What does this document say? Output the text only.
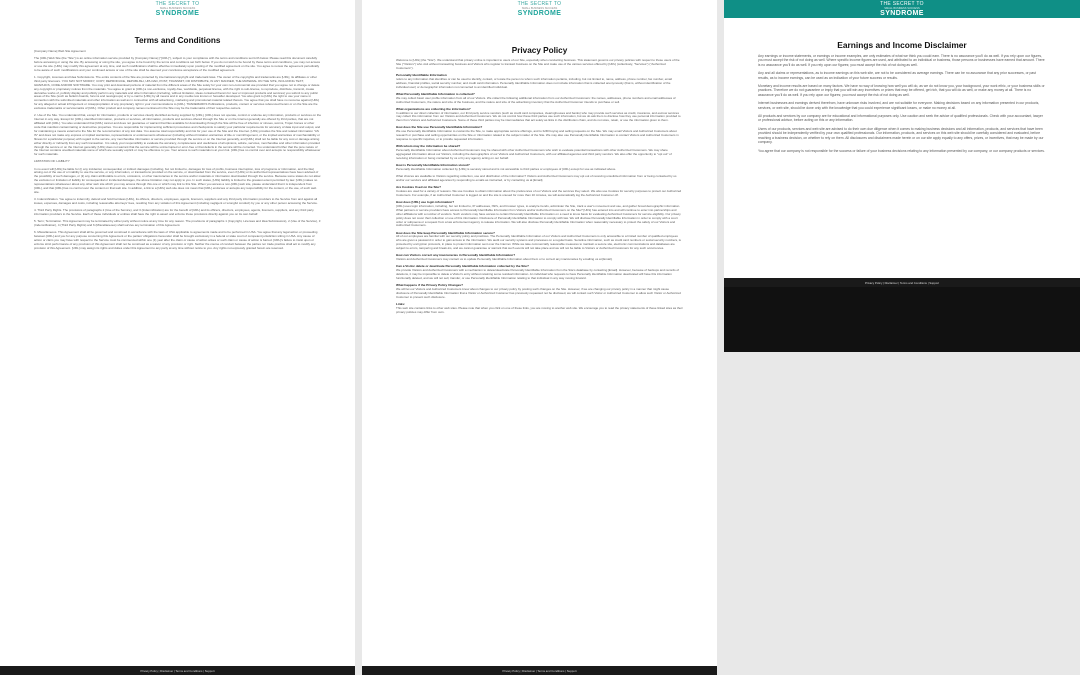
THE SECRET TO
SMALL BUSINESS SUCCESS
SYNDROME
Terms and Conditions
[Company Name] Web Site Agreement
The [URL] Web Site (the "Site") is an online information service provided by [Company Name] ("[URL]"), subject to your compliance with the terms and conditions set forth below. Please read this document carefully before accessing or using the site. By accessing or using the site, you agree to be bound by the terms and conditions set forth below. If you do not wish to be bound by these terms and conditions, you may not access or use the site. [URL] may modify this agreement at any time, and such modifications shall be effective immediately upon posting of the modified agreement on the site. You agree to review the agreement periodically to be aware of such modifications and your continued access or use of the site shall be deemed your conclusive acceptance of the modified agreement.
1. Copyright, Licenses and Idea Submissions. The entire contents of the Site are protected by international copyright and trademark laws. The owner of the copyrights and trademarks are [URL], its affiliates or other third party licensors. YOU MAY NOT MODIFY, COPY, REPRODUCE, REPUBLISH, UPLOAD, POST, TRANSMIT, OR DISTRIBUTE, IN ANY MANNER, THE MATERIAL ON THE SITE, INCLUDING TEXT, GRAPHICS, CODE AND/OR SOFTWARE. You may print and download portions of material from the different areas of the Site solely for your own non-commercial use provided that you agree not to change or delete any copyright or proprietary notices from the materials. You agree to grant to [URL] a non-exclusive, royalty-free, worldwide, perpetual license, with the right to sub-license, to reproduce, distribute, transmit, create derivative works of, publicly display and publicly perform any materials and other information (including, without limitation, ideas contained therein for new or improved products and services) you submit to any public areas of the Site (such as bulletin boards, forums and newsgroups) or by e-mail to [URL] by all means and in any media now known or hereafter developed. You also grant to [URL] the right to use your name in connection with the submitted materials and other information as well as in connection with all advertising, marketing and promotional material related thereto. You agree that you shall have no recourse against [URL] for any alleged or actual infringement or misappropriation of any proprietary right in your communications to [URL]. TRADEMARKS Publications, products, content or services referenced herein or on the Site are the exclusive trademarks or servicemarks of [URL]. Other product and company names mentioned in the Site may be the trademarks of their respective owners.
2. Use of the Site. You understand that, except for information, products or services clearly identified as being supplied by [URL], [URL] does not operate, control or endorse any information, products or services on the Internet in any way. Except for [URL]- identified information, products or services, all information, products and services offered through the Site or on the Internet generally are offered by third parties, that are not affiliated with [URL]. You also understand that [URL] cannot and does not guarantee or warrant that files available for downloading through the Site will be free of infection or viruses, worms, Trojan horses or other code that manifest contaminating or destructive properties. You are responsible for implementing sufficient procedures and checkpoints to satisfy your particular requirements for accuracy of data input and output, and for maintaining a means external to the Site for the reconstruction of any lost data. You assume total responsibility and risk for your use of the Site and the Internet. [URL] provides the Site and related information "AS IS" and does not make any express or implied warranties, representations or endorsements whatsoever (including without limitation warranties of title or noninfringement, or the implied warranties of merchantability or fitness for a particular purpose) with regard to the service, any merchandise information or service provided through the service or on the Internet generally, and [URL] shall not be liable for any cost or damage arising either directly or indirectly from any such transaction. It is solely your responsibility to evaluate the accuracy, completeness and usefulness of all opinions, advice, services, merchandise and other information provided through the service or on the Internet generally. [URL] does not warrant that the service will be uninterrupted or error-free or that defects in the service will be corrected. You understand further that the pure nature of the Internet contains unedited materials some of which are sexually explicit or may be offensive to you. Your access to such materials is at your risk. [URL] has no control over and accepts no responsibility whatsoever for such materials.
LIMITATION OF LIABILITY
In no event will [URL] be liable for (i) any incidental, consequential, or indirect damages (including, but not limited to, damages for loss of profits, business interruption, loss of programs or information, and the like) arising out of the use of or inability to use the service, or any information, or transactions provided on the service, or downloaded from the service, even if [URL] or its authorized representatives have been advised of the possibility of such damages, or (ii) any claim attributable to errors, omissions, or other inaccuracies in the service and/or materials or information downloaded through the service. Because some states do not allow the exclusion or limitation of liability for consequential or incidental damages, the above limitation may not apply to you. In such states, [URL] liability is limited to the greatest extent permitted by law. [URL] makes no representations whatsoever about any other web site which you may access through this one or which may link to this Site. When you access a non-[URL] web site, please understand that it is independent from [URL], and that [URL] has no control over the content on that web site. In addition, a link to a [URL] web site does not mean that [URL] endorses or accepts any responsibility for the content, or the use, of such web site.
3. Indemnification. You agree to indemnify, defend and hold harmless [URL], its officers, directors, employees, agents, licensors, suppliers and any third party information providers to the Service from and against all losses, expenses, damages and costs, including reasonable attorneys' fees, resulting from any violation of this Agreement (including negligent or wrongful conduct) by you or any other person accessing the Service.
4. Third Party Rights. The provisions of paragraphs 2 (Use of the Service), and 3 (Indemnification) are for the benefit of [URL] and its officers, directors, employees, agents, licensors, suppliers, and any third party information providers to the Service. Each of these individuals or entities shall have the right to assert and enforce those provisions directly against you on its own behalf.
5. Term; Termination. This Agreement may be terminated by either party without notice at any time for any reason. The provisions of paragraphs 1 (Copyright, Licenses and Idea Submissions), 2 (Use of the Service), 3 (Indemnification), 4 (Third Party Rights) and 6 (Miscellaneous) shall survive any termination of this Agreement.
6. Miscellaneous. This Agreement shall all be governed and construed in accordance with the laws of USA applicable to agreements made and to be performed in USA. You agree that any legal action or proceeding between [URL] and you for any purpose concerning this Agreement or the parties' obligations hereunder shall be brought exclusively in a federal or state court of competent jurisdiction sitting in USA. Any cause of action or claim you may have with respect to the Service must be commenced within one (1) year after the claim or cause of action arises or such claim or cause of action is barred. [URL]'s failure to insist upon or enforce strict performance of any provision of this Agreement shall not be construed as a waiver of any provision or right. Neither the course of conduct between the parties nor trade practice shall act to modify any provision of this Agreement. [URL] may assign its rights and duties under this Agreement to any party at any time without notice to you. Any rights not expressly granted herein are reserved.
Privacy Policy | Disclaimer | Terms and Conditions | Support
THE SECRET TO
SMALL BUSINESS SUCCESS
SYNDROME
Privacy Policy
Welcome to [URL] (the "Site"). We understand that privacy online is important to users of our Site, especially when conducting business. This statement governs our privacy policies with respect to those users of the Site ("Visitors") who visit without transacting business and Visitors who register to transact business on the Site and make use of the various services offered by [URL] (collectively, "Services") ("Authorized Customers").
Personally Identifiable Information
refers to any information that identifies or can be used to identify, contact, or locate the person to whom such information pertains, including, but not limited to, name, address, phone number, fax number, email address, financial profiles, social security number, and credit card information. Personally Identifiable Information does not include information that is collected anonymously (that is, without identification of the individual user) or demographic information not connected to an identified individual.
What Personally Identifiable Information is collected?
We may collect basic user profile information from all of our Visitors. We collect the following additional information from our Authorized Customers: the names, addresses, phone numbers and email addresses of Authorized Customers, the nature and size of the business, and the nature and size of the advertising inventory that the Authorized Customer intends to purchase or sell.
What organizations are collecting the information?
In addition to our direct collection of information, our third party service vendors (such as credit card companies, clearinghouses and banks) who may provide such services as credit, insurance, and escrow services may collect this information from our Visitors and Authorized Customers. We do not control how these third parties use such information, but we do ask them to disclose how they use personal information provided to them from Visitors and Authorized Customers. Some of these third parties may be intermediaries that act solely as links in the distribution chain, and do not store, retain, or use the information given to them.
How does the Site use Personally Identifiable Information?
We use Personally Identifiable Information to customize the Site, to make appropriate service offerings, and to fulfill buying and selling requests on the Site. We may email Visitors and Authorized Customers about research or purchase and selling opportunities on the Site or information related to the subject matter of the Site. We may also use Personally Identifiable Information to contact Visitors and Authorized Customers in response to specific inquiries, or to provide requested information.
With whom may the information be shared?
Personally Identifiable Information about Authorized Customers may be shared with other Authorized Customers who wish to evaluate potential transactions with other Authorized Customers. We may share aggregated information about our Visitors, including the demographics of our Visitors and Authorized Customers, with our affiliated agencies and third party vendors. We also offer the opportunity to "opt out" of receiving information or being contacted by us or by any agency acting on our behalf.
How is Personally Identifiable Information stored?
Personally Identifiable Information collected by [URL] is securely stored and is not accessible to third parties or employees of [URL] except for use as indicated above.
What choices are available to Visitors regarding collection, use and distribution of the information? Visitors and Authorized Customers may opt out of receiving unsolicited information from or being contacted by us and/or our vendors and affiliated agencies by responding to emails as instructed, or by contacting us at [Email].
Are Cookies Used on the Site?
Cookies are used for a variety of reasons. We use Cookies to obtain information about the preferences of our Visitors and the services they select. We also use Cookies for security purposes to protect our Authorized Customers. For example, if an Authorized Customer is logged on and the site is unused for more than 10 minutes, we will automatically log the Authorized Customer off.
How does [URL] use login information?
[URL] uses login information, including, but not limited to, IP addresses, ISPs, and browser types, to analyze trends, administer the Site, track a user's movement and use, and gather broad demographic information. What partners or service providers have access to Personally Identifiable Information from Visitors and/or Authorized Customers on the Site? [URL] has entered into and will continue to enter into partnerships and other affiliations with a number of vendors. Such vendors may have access to certain Personally Identifiable Information on a need to know basis for evaluating Authorized Customers for service eligibility. Our privacy policy does not cover their collection or use of this information. Disclosure of Personally Identifiable Information to comply with law. We will disclose Personally Identifiable Information in order to comply with a court order or subpoena or a request from a law enforcement agency to release information. We will also disclose Personally Identifiable Information when reasonably necessary to protect the safety of our Visitors and Authorized Customers.
How does the Site keep Personally Identifiable Information secure?
All of our employees are familiar with our security policy and practices. The Personally Identifiable Information of our Visitors and Authorized Customers is only accessible to a limited number of qualified employees who are given a password in order to gain access to the information. We audit our security systems and processes on a regular basis. Sensitive information, such as credit card numbers or social security numbers, is protected by encryption protocols, in place to protect information sent over the Internet. While we take commercially reasonable measures to maintain a secure site, electronic communications and databases are subject to errors, tampering and break-ins, and we cannot guarantee or warrant that such events will not take place and we will not be liable to Visitors or Authorized Customers for any such occurrences.
How can Visitors correct any inaccuracies in Personally Identifiable Information?
Visitors and Authorized Customers may contact us to update Personally Identifiable Information about them or to correct any inaccuracies by emailing us at [Email].
Can a Visitor delete or deactivate Personally Identifiable Information collected by the Site?
We provide Visitors and Authorized Customers with a mechanism to delete/deactivate Personally Identifiable Information from the Site's database by contacting [Email]. However, because of backups and records of deletions, it may be impossible to delete a Visitor's entry without retaining some residual information. An individual who requests to have Personally Identifiable Information deactivated will have this information functionally deleted, and we will not sell, transfer, or use Personally Identifiable Information relating to that individual in any way moving forward.
What happens if the Privacy Policy Changes?
We will let our Visitors and Authorized Customers know about changes to our privacy policy by posting such changes on the Site. However, if we are changing our privacy policy in a manner that might cause disclosure of Personally Identifiable Information that a Visitor or Authorized Customer has previously requested not be disclosed, we will contact such Visitor or Authorized Customer to allow such Visitor or Authorized Customer to prevent such disclosure.
Links:
This web site contains links to other web sites. Please note that when you click on one of these links, you are moving to another web site. We encourage you to read the privacy statements of these linked sites as their privacy policies may differ from ours.
Privacy Policy | Disclaimer | Terms and Conditions | Support
THE SECRET TO
SMALL BUSINESS SUCCESS
SYNDROME
Earnings and Income Disclaimer
Any earnings or income statements, or earnings or income examples, are only estimates of what we think you could earn. There is no assurance you'll do as well. If you rely upon our figures, you must accept the risk of not doing as well. Where specific income figures are used, and attributed to an individual or business, those persons or businesses have earned that amount. There is no assurance you'll do as well. If you rely upon our figures; you must accept the risk of not doing as well.
Any and all claims or representations, as to income earnings on this web site, are not to be considered as average earnings. There can be no assurance that any prior successes, or past results, as to income earnings, can be used as an indication of your future success or results.
Monetary and income results are based on many factors. We have no way of knowing how well you will do, as we do not know you, your background, your work ethic, or your business skills or practices. Therefore we do not guarantee or imply that you will win any incentives or prizes that may be offered, get rich, that you will do as well, or make any money at all. There is no assurance you'll do as well. If you rely upon our figures; you must accept the risk of not doing as well.
Internet businesses and earnings derived therefrom, have unknown risks involved, and are not suitable for everyone. Making decisions based on any information presented in our products, services, or web site, should be done only with the knowledge that you could experience significant losses, or make no money at all.
All products and services by our company are for educational and informational purposes only. Use caution and seek the advice of qualified professionals. Check with your accountant, lawyer or professional advisor, before acting on this or any information.
Users of our products, services and web site are advised to do their own due diligence when it comes to making business decisions and all information, products, and services that have been provided should be independently verified by your own qualified professionals. Our information, products, and services on this web site should be carefully considered and evaluated, before reaching a business decision, on whether to rely on them. All disclosures and disclaimers made herein or on our site apply equally to any offers, prizes, or incentives, that may be made by our company.
You agree that our company is not responsible for the success or failure of your business decisions relating to any information presented by our company, or our company products or services.
Privacy Policy | Disclaimer | Terms and Conditions | Support
